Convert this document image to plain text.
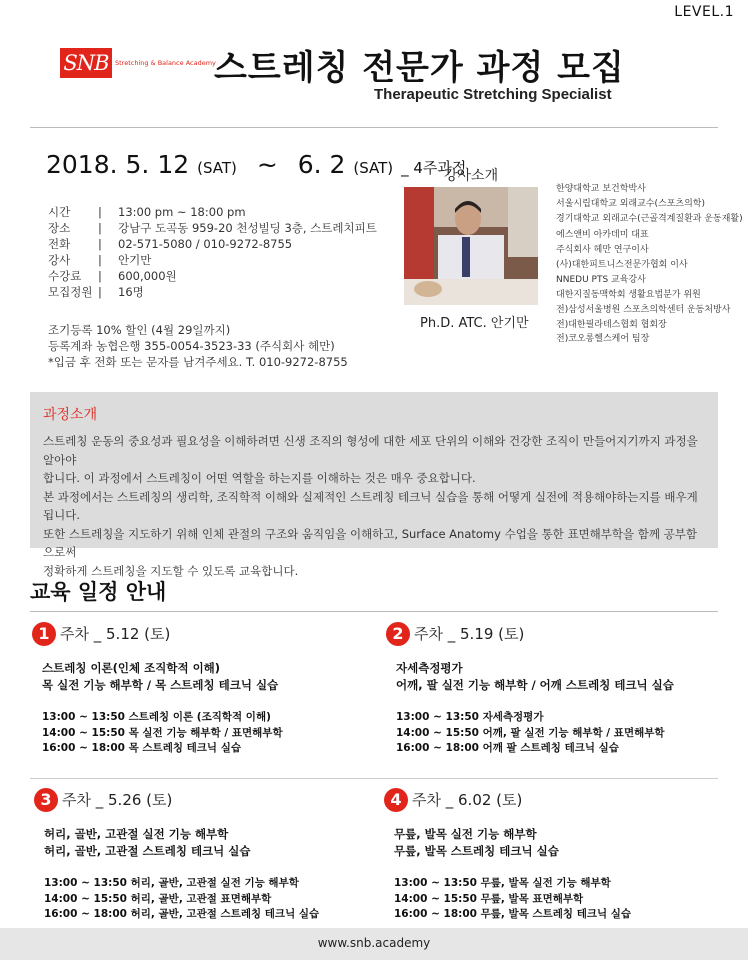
LEVEL.1
SNB Stretching & Balance Academy
스트레칭 전문가 과정 모집
Therapeutic Stretching Specialist
2018. 5. 12 (SAT) ~ 6. 2 (SAT) _ 4주과정
시간	|	13:00 pm ~ 18:00 pm
장소	|	강남구 도곡동 959-20 천성빌딩 3층, 스트레치피트
전화	|	02-571-5080 / 010-9272-8755
강사	|	안기만
수강료	|	600,000원
모집정원 |	16명
조기등록 10% 할인 (4월 29일까지)
등록계좌 농협은행 355-0054-3523-33 (주식회사 헤만)
*입금 후 전화 또는 문자를 남겨주세요. T. 010-9272-8755
강사소개
Ph.D. ATC. 안기만
한양대학교 보건학박사
서울시립대학교 외래교수(스포츠의학)
경기대학교 외래교수(근골격계질환과 운동재활)
에스앤비 아카데미 대표
주식회사 헤만 연구이사
(사)대한피트니스전문가협회 이사
NNEDU PTS 교육강사
대한지질동맥학회 생활요법분가 위원
전)삼성서울병원 스포츠의학센터 운동처방사
전)대한필라테스협회 협회장
전)코오롱헬스케어 팀장
과정소개
스트레칭 운동의 중요성과 필요성을 이해하려면 신생 조직의 형성에 대한 세포 단위의 이해와 건강한 조직이 만들어지기까지 과정을 알아야
합니다. 이 과정에서 스트레칭이 어떤 역할을 하는지를 이해하는 것은 매우 중요합니다.
본 과정에서는 스트레칭의 생리학, 조직학적 이해와 실제적인 스트레칭 테크닉 실습을 통해 어떻게 실전에 적용해야하는지를 배우게 됩니다.
또한 스트레칭을 지도하기 위해 인체 관절의 구조와 움직임을 이해하고, Surface Anatomy 수업을 통한 표면해부학을 함께 공부함으로써
정확하게 스트레칭을 지도할 수 있도록 교육합니다.
교육 일정 안내
1 주차 _ 5.12 (토)
스트레칭 이론(인체 조직학적 이해)
목 실전 기능 해부학 / 목 스트레칭 테크닉 실습
13:00 ~ 13:50 스트레칭 이론 (조직학적 이해)
14:00 ~ 15:50 목 실전 기능 해부학 / 표면해부학
16:00 ~ 18:00 목 스트레칭 테크닉 실습
2 주차 _ 5.19 (토)
자세측정평가
어깨, 팔 실전 기능 해부학 / 어깨 스트레칭 테크닉 실습
13:00 ~ 13:50 자세측정평가
14:00 ~ 15:50 어깨, 팔 실전 기능 해부학 / 표면해부학
16:00 ~ 18:00 어깨 팔 스트레칭 테크닉 실습
3 주차 _ 5.26 (토)
허리, 골반, 고관절 실전 기능 해부학
허리, 골반, 고관절 스트레칭 테크닉 실습
13:00 ~ 13:50 허리, 골반, 고관절 실전 기능 해부학
14:00 ~ 15:50 허리, 골반, 고관절 표면해부학
16:00 ~ 18:00 허리, 골반, 고관절 스트레칭 테크닉 실습
4 주차 _ 6.02 (토)
무릎, 발목 실전 기능 해부학
무릎, 발목 스트레칭 테크닉 실습
13:00 ~ 13:50 무릎, 발목 실전 기능 해부학
14:00 ~ 15:50 무릎, 발목 표면해부학
16:00 ~ 18:00 무릎, 발목 스트레칭 테크닉 실습
www.snb.academy
